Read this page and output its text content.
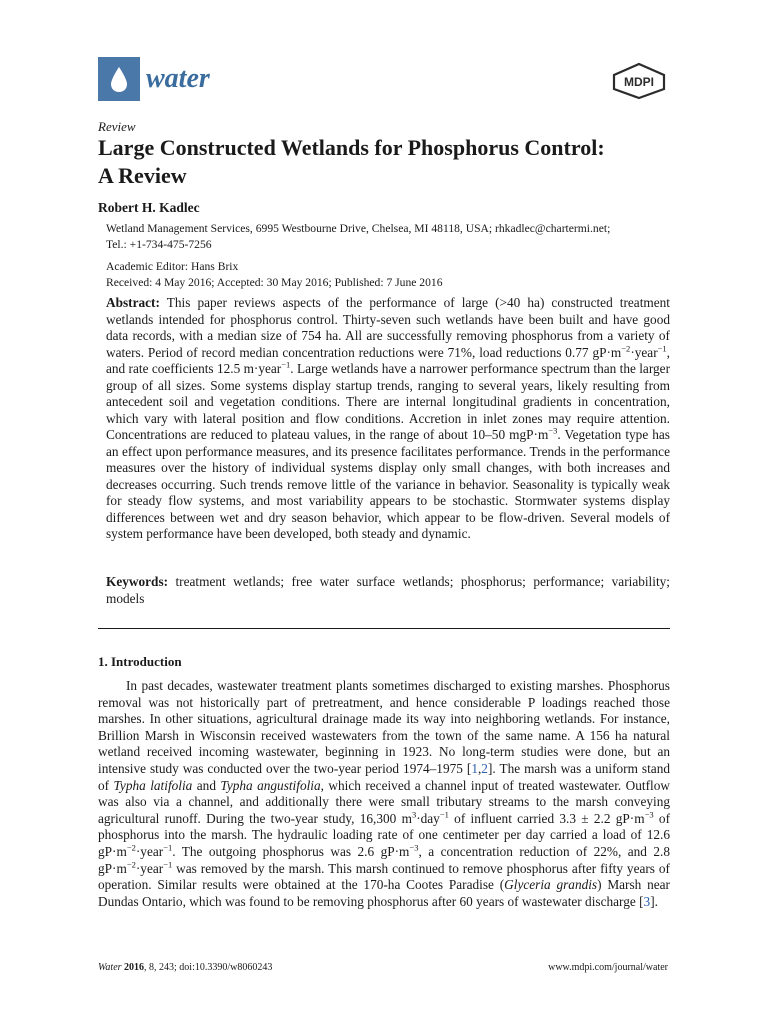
water	MDPI
Review
Large Constructed Wetlands for Phosphorus Control:
A Review
Robert H. Kadlec
Wetland Management Services, 6995 Westbourne Drive, Chelsea, MI 48118, USA; rhkadlec@chartermi.net;
Tel.: +1-734-475-7256
Academic Editor: Hans Brix
Received: 4 May 2016; Accepted: 30 May 2016; Published: 7 June 2016

Abstract: This paper reviews aspects of the performance of large (>40 ha) constructed treatment wetlands intended for phosphorus control. Thirty-seven such wetlands have been built and have good data records, with a median size of 754 ha. All are successfully removing phosphorus from a variety of waters. Period of record median concentration reductions were 71%, load reductions 0.77 $gP\cdot m^{-2}\cdot year^{-1}$, and rate coefficients 12.5 m·year$^{-1}$. Large wetlands have a narrower performance spectrum than the larger group of all sizes. Some systems display startup trends, ranging to several years, likely resulting from antecedent soil and vegetation conditions. There are internal longitudinal gradients in concentration, which vary with lateral position and flow conditions. Accretion in inlet zones may require attention. Concentrations are reduced to plateau values, in the range of about 10–50 $mgP\cdot m^{-3}$. Vegetation type has an effect upon performance measures, and its presence facilitates performance. Trends in the performance measures over the history of individual systems display only small changes, with both increases and decreases occurring. Such trends remove little of the variance in behavior. Seasonality is typically weak for steady flow systems, and most variability appears to be stochastic. Stormwater systems display differences between wet and dry season behavior, which appear to be flow-driven. Several models of system performance have been developed, both steady and dynamic.

Keywords: treatment wetlands; free water surface wetlands; phosphorus; performance; variability; models

1. Introduction

In past decades, wastewater treatment plants sometimes discharged to existing marshes. Phosphorus removal was not historically part of pretreatment, and hence considerable P loadings reached those marshes. In other situations, agricultural drainage made its way into neighboring wetlands. For instance, Brillion Marsh in Wisconsin received wastewaters from the town of the same name. A 156 ha natural wetland received incoming wastewater, beginning in 1923. No long-term studies were done, but an intensive study was conducted over the two-year period 1974–1975 [1,2]. The marsh was a uniform stand of Typha latifolia and Typha angustifolia, which received a channel input of treated wastewater. Outflow was also via a channel, and additionally there were small tributary streams to the marsh conveying agricultural runoff. During the two-year study, 16,300 $m^3\cdot day^{-1}$ of influent carried 3.3 ± 2.2 $gP\cdot m^{-3}$ of phosphorus into the marsh. The hydraulic loading rate of one centimeter per day carried a load of 12.6 $gP\cdot m^{-2}\cdot year^{-1}$. The outgoing phosphorus was 2.6 $gP\cdot m^{-3}$, a concentration reduction of 22%, and 2.8 $gP\cdot m^{-2}\cdot year^{-1}$ was removed by the marsh. This marsh continued to remove phosphorus after fifty years of operation. Similar results were obtained at the 170-ha Cootes Paradise (Glyceria grandis) Marsh near Dundas Ontario, which was found to be removing phosphorus after 60 years of wastewater discharge [3].

Water 2016, 8, 243; doi:10.3390/w8060243	www.mdpi.com/journal/water
